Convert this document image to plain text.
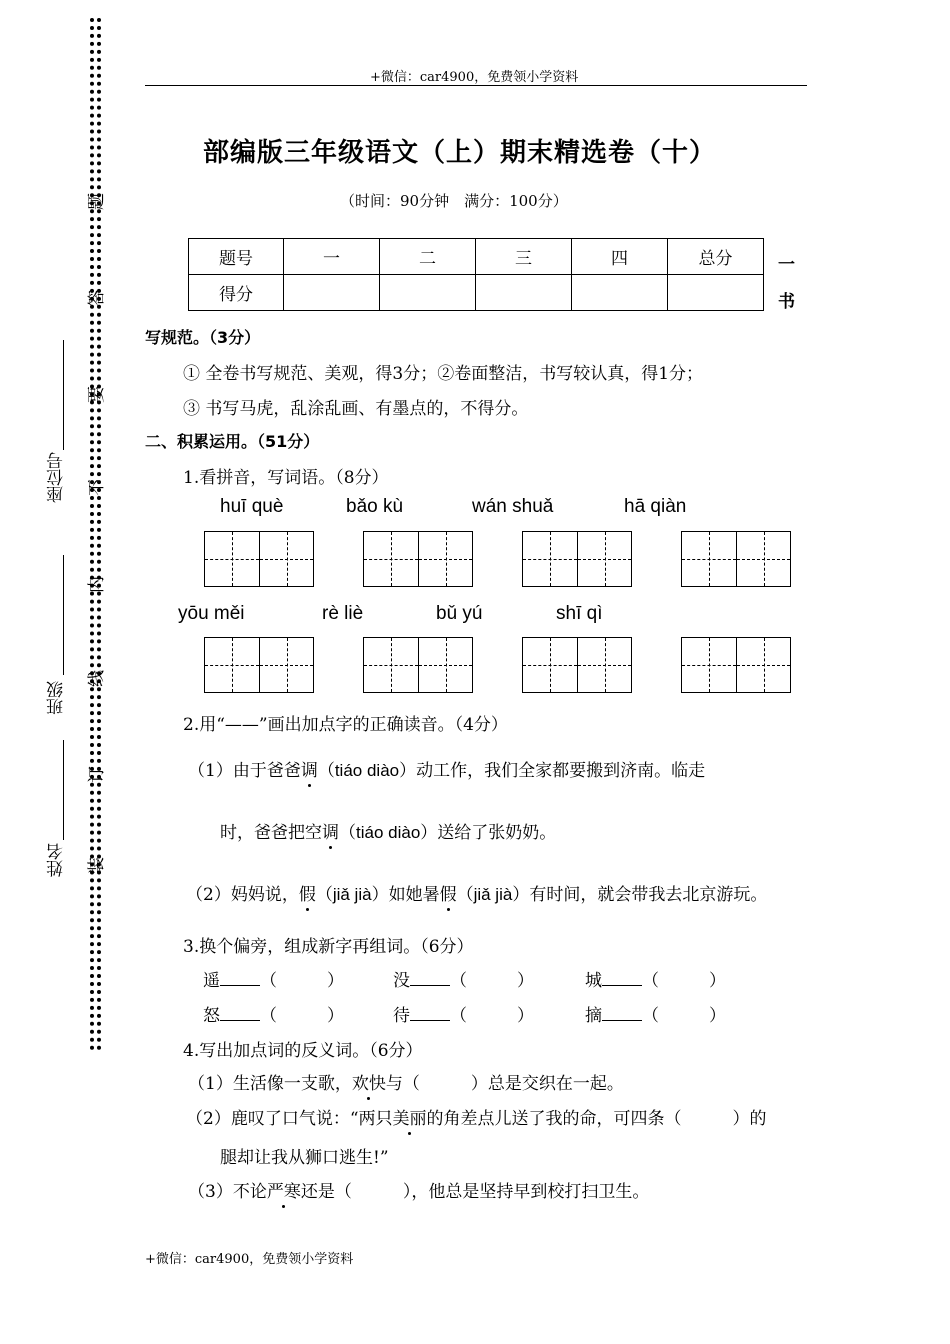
姓名
班级
座位号
装
订
线
内
不
要
答
题
+微信：car4900，免费领小学资料
部编版三年级语文（上）期末精选卷（十）
（时间：90分钟　满分：100分）
题号	一	二	三	四	总分
得分					
一
书
写规范。（3分）
① 全卷书写规范、美观，得3分；②卷面整洁，书写较认真，得1分；
③ 书写马虎，乱涂乱画、有墨点的，不得分。
二、积累运用。（51分）
1.看拼音，写词语。（8分）
huī què	bǎo kù	wán shuǎ	hā qiàn
yōu měi	rè liè	bǔ yú	shī qì
2.用“——”画出加点字的正确读音。（4分）
（1）由于爸爸调（tiáo diào）动工作，我们全家都要搬到济南。临走
时，爸爸把空调（tiáo diào）送给了张奶奶。
（2）妈妈说，假（jiǎ jià）如她暑假（jiǎ jià）有时间，就会带我去北京游玩。
3.换个偏旁，组成新字再组词。（6分）
遥 （	）	没 （	）	城 （	）
怒 （	）	待 （	）	摘 （	）
4.写出加点词的反义词。（6分）
（1）生活像一支歌，欢快与（　　　）总是交织在一起。
（2）鹿叹了口气说：“两只美丽的角差点儿送了我的命，可四条（　　　）的
腿却让我从狮口逃生!”
（3）不论严寒还是（　　　），他总是坚持早到校打扫卫生。
+微信：car4900，免费领小学资料
